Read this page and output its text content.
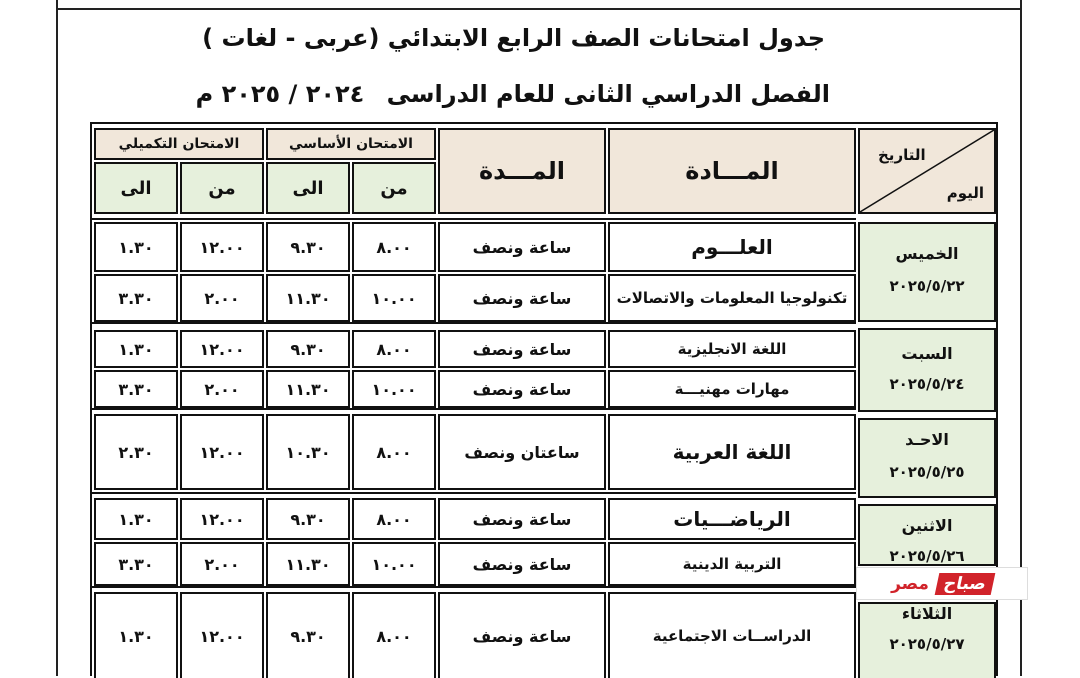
جدول امتحانات الصف الرابع الابتدائي (عربى - لغات )
الفصل الدراسي الثانى للعام الدراسى ٢٠٢٤ / ٢٠٢٥ م
التاريخ
اليوم
المـــادة
المـــدة
الامتحان الأساسي
من
الى
الامتحان التكميلي
من
الى
الخميس
٢٠٢٥/٥/٢٢
السبت
٢٠٢٥/٥/٢٤
الاحـد
٢٠٢٥/٥/٢٥
الاثنين
٢٠٢٥/٥/٢٦
الثلاثاء
٢٠٢٥/٥/٢٧
العلـــوم
ساعة ونصف
٨.٠٠
٩.٣٠
١٢.٠٠
١.٣٠
تكنولوجيا المعلومات والاتصالات
ساعة ونصف
١٠.٠٠
١١.٣٠
٢.٠٠
٣.٣٠
اللغة الانجليزية
ساعة ونصف
٨.٠٠
٩.٣٠
١٢.٠٠
١.٣٠
مهارات مهنيـــة
ساعة ونصف
١٠.٠٠
١١.٣٠
٢.٠٠
٣.٣٠
اللغة العربية
ساعتان ونصف
٨.٠٠
١٠.٣٠
١٢.٠٠
٢.٣٠
الرياضـــيات
ساعة ونصف
٨.٠٠
٩.٣٠
١٢.٠٠
١.٣٠
التربية الدينية
ساعة ونصف
١٠.٠٠
١١.٣٠
٢.٠٠
٣.٣٠
الدراســات الاجتماعية
ساعة ونصف
٨.٠٠
٩.٣٠
١٢.٠٠
١.٣٠
صباح
مصر
